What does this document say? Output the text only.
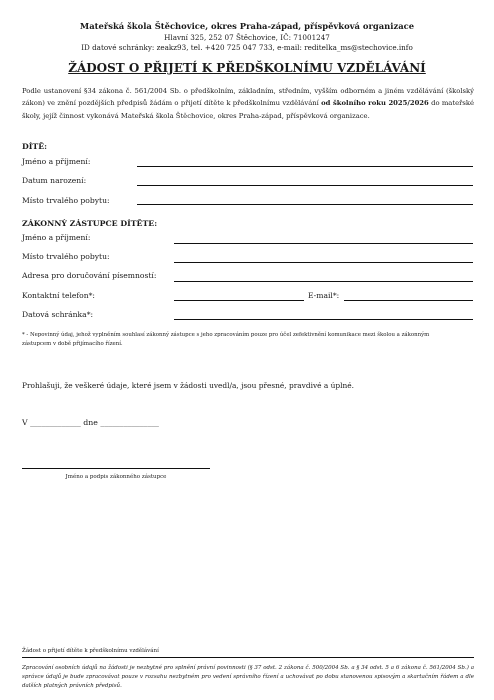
Mateřská škola Štěchovice, okres Praha-západ, příspěvková organizace
Hlavní 325, 252 07 Štěchovice, IČ: 71001247
ID datové schránky: zeakz93, tel. +420 725 047 733, e-mail: reditelka_ms@stechovice.info
ŽÁDOST O PŘIJETÍ K PŘEDŠKOLNÍMU VZDĚLÁVÁNÍ
Podle ustanovení §34 zákona č. 561/2004 Sb. o předškolním, základním, středním, vyšším odborném a jiném vzdělávání (školský zákon) ve znění pozdějších předpisů žádám o přijetí dítěte k předškolnímu vzdělávání od školního roku 2025/2026 do mateřské školy, jejíž činnost vykonává Mateřská škola Štěchovice, okres Praha-západ, příspěvková organizace.
DÍTĚ:
Jméno a příjmení:
Datum narození:
Místo trvalého pobytu:
ZÁKONNÝ ZÁSTUPCE DÍTĚTE:
Jméno a příjmení:
Místo trvalého pobytu:
Adresa pro doručování písemností:
Kontaktní telefon*:	E-mail*:
Datová schránka*:
* - Nepovinný údaj, jehož vyplněním souhlasí zákonný zástupce s jeho zpracováním pouze pro účel zefektivnění komunikace mezi školou a zákonným zástupcem v době přijímacího řízení.
Prohlašuji, že veškeré údaje, které jsem v žádosti uvedl/a, jsou přesné, pravdivé a úplné.
V _____________ dne _______________
Jméno a podpis zákonného zástupce
Žádost o přijetí dítěte k předškolnímu vzdělávání
Zpracování osobních údajů na žádosti je nezbytné pro splnění právní povinnosti (§ 37 odst. 2 zákona č. 500/2004 Sb. a § 34 odst. 5 a 6 zákona č. 561/2004 Sb.) a správce údajů je bude zpracovávat pouze v rozsahu nezbytném pro vedení správního řízení a uchovávat po dobu stanovenou spisovým a skartačním řádem a dle dalších platných právních předpisů.
